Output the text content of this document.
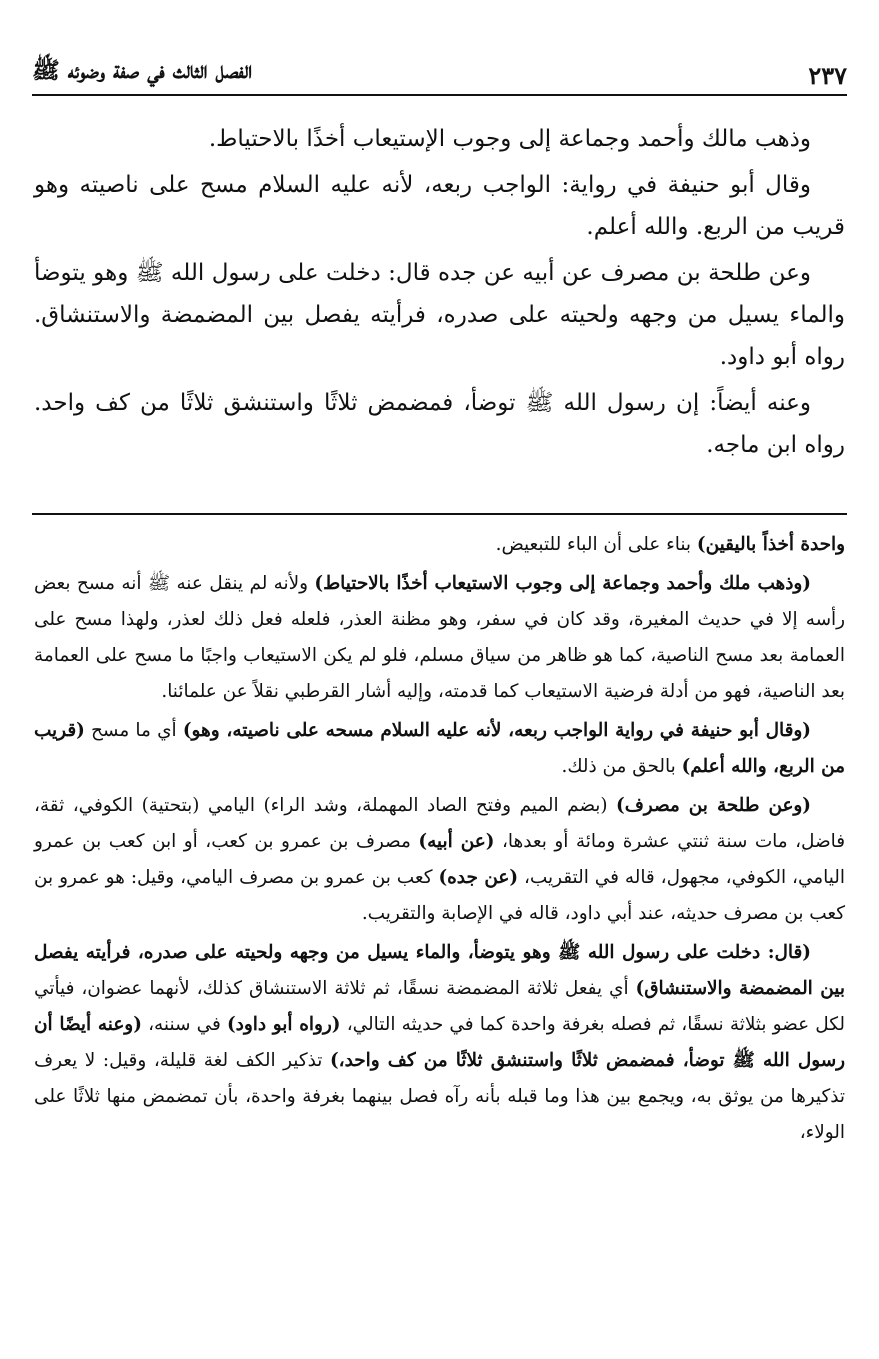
الفصل الثالث في صفة وضوئه ﷺ	٢٣٧

وذهب مالك وأحمد وجماعة إلى وجوب الإستيعاب أخذًا بالاحتياط.

وقال أبو حنيفة في رواية: الواجب ربعه، لأنه عليه السلام مسح على ناصيته وهو قريب من الربع. والله أعلم.

وعن طلحة بن مصرف عن أبيه عن جده قال: دخلت على رسول الله ﷺ وهو يتوضأ والماء يسيل من وجهه ولحيته على صدره، فرأيته يفصل بين المضمضة والاستنشاق. رواه أبو داود.

وعنه أيضاً: إن رسول الله ﷺ توضأ، فمضمض ثلاثًا واستنشق ثلاثًا من كف واحد. رواه ابن ماجه.

واحدة أخذاً باليقين) بناء على أن الباء للتبعيض.

(وذهب ملك وأحمد وجماعة إلى وجوب الاستيعاب أخذًا بالاحتياط) ولأنه لم ينقل عنه ﷺ أنه مسح بعض رأسه إلا في حديث المغيرة، وقد كان في سفر، وهو مظنة العذر، فلعله فعل ذلك لعذر، ولهذا مسح على العمامة بعد مسح الناصية، كما هو ظاهر من سياق مسلم، فلو لم يكن الاستيعاب واجبًا ما مسح على العمامة بعد الناصية، فهو من أدلة فرضية الاستيعاب كما قدمته، وإليه أشار القرطبي نقلاً عن علمائنا.

(وقال أبو حنيفة في رواية الواجب ربعه، لأنه عليه السلام مسحه على ناصيته، وهو) أي ما مسح (قريب من الربع، والله أعلم) بالحق من ذلك.

(وعن طلحة بن مصرف) (بضم الميم وفتح الصاد المهملة، وشد الراء) اليامي (بتحتية) الكوفي، ثقة، فاضل، مات سنة ثنتي عشرة ومائة أو بعدها، (عن أبيه) مصرف بن عمرو بن كعب، أو ابن كعب بن عمرو اليامي، الكوفي، مجهول، قاله في التقريب، (عن جده) كعب بن عمرو بن مصرف اليامي، وقيل: هو عمرو بن كعب بن مصرف حديثه، عند أبي داود، قاله في الإصابة والتقريب.

(قال: دخلت على رسول الله ﷺ وهو يتوضأ، والماء يسيل من وجهه ولحيته على صدره، فرأيته يفصل بين المضمضة والاستنشاق) أي يفعل ثلاثة المضمضة نسقًا، ثم ثلاثة الاستنشاق كذلك، لأنهما عضوان، فيأتي لكل عضو بثلاثة نسقًا، ثم فصله بغرفة واحدة كما في حديثه التالي، (رواه أبو داود) في سننه، (وعنه أيضًا أن رسول الله ﷺ توضأ، فمضمض ثلاثًا واستنشق ثلاثًا من كف واحد،) تذكير الكف لغة قليلة، وقيل: لا يعرف تذكيرها من يوثق به، ويجمع بين هذا وما قبله بأنه رآه فصل بينهما بغرفة واحدة، بأن تمضمض منها ثلاثًا على الولاء،
